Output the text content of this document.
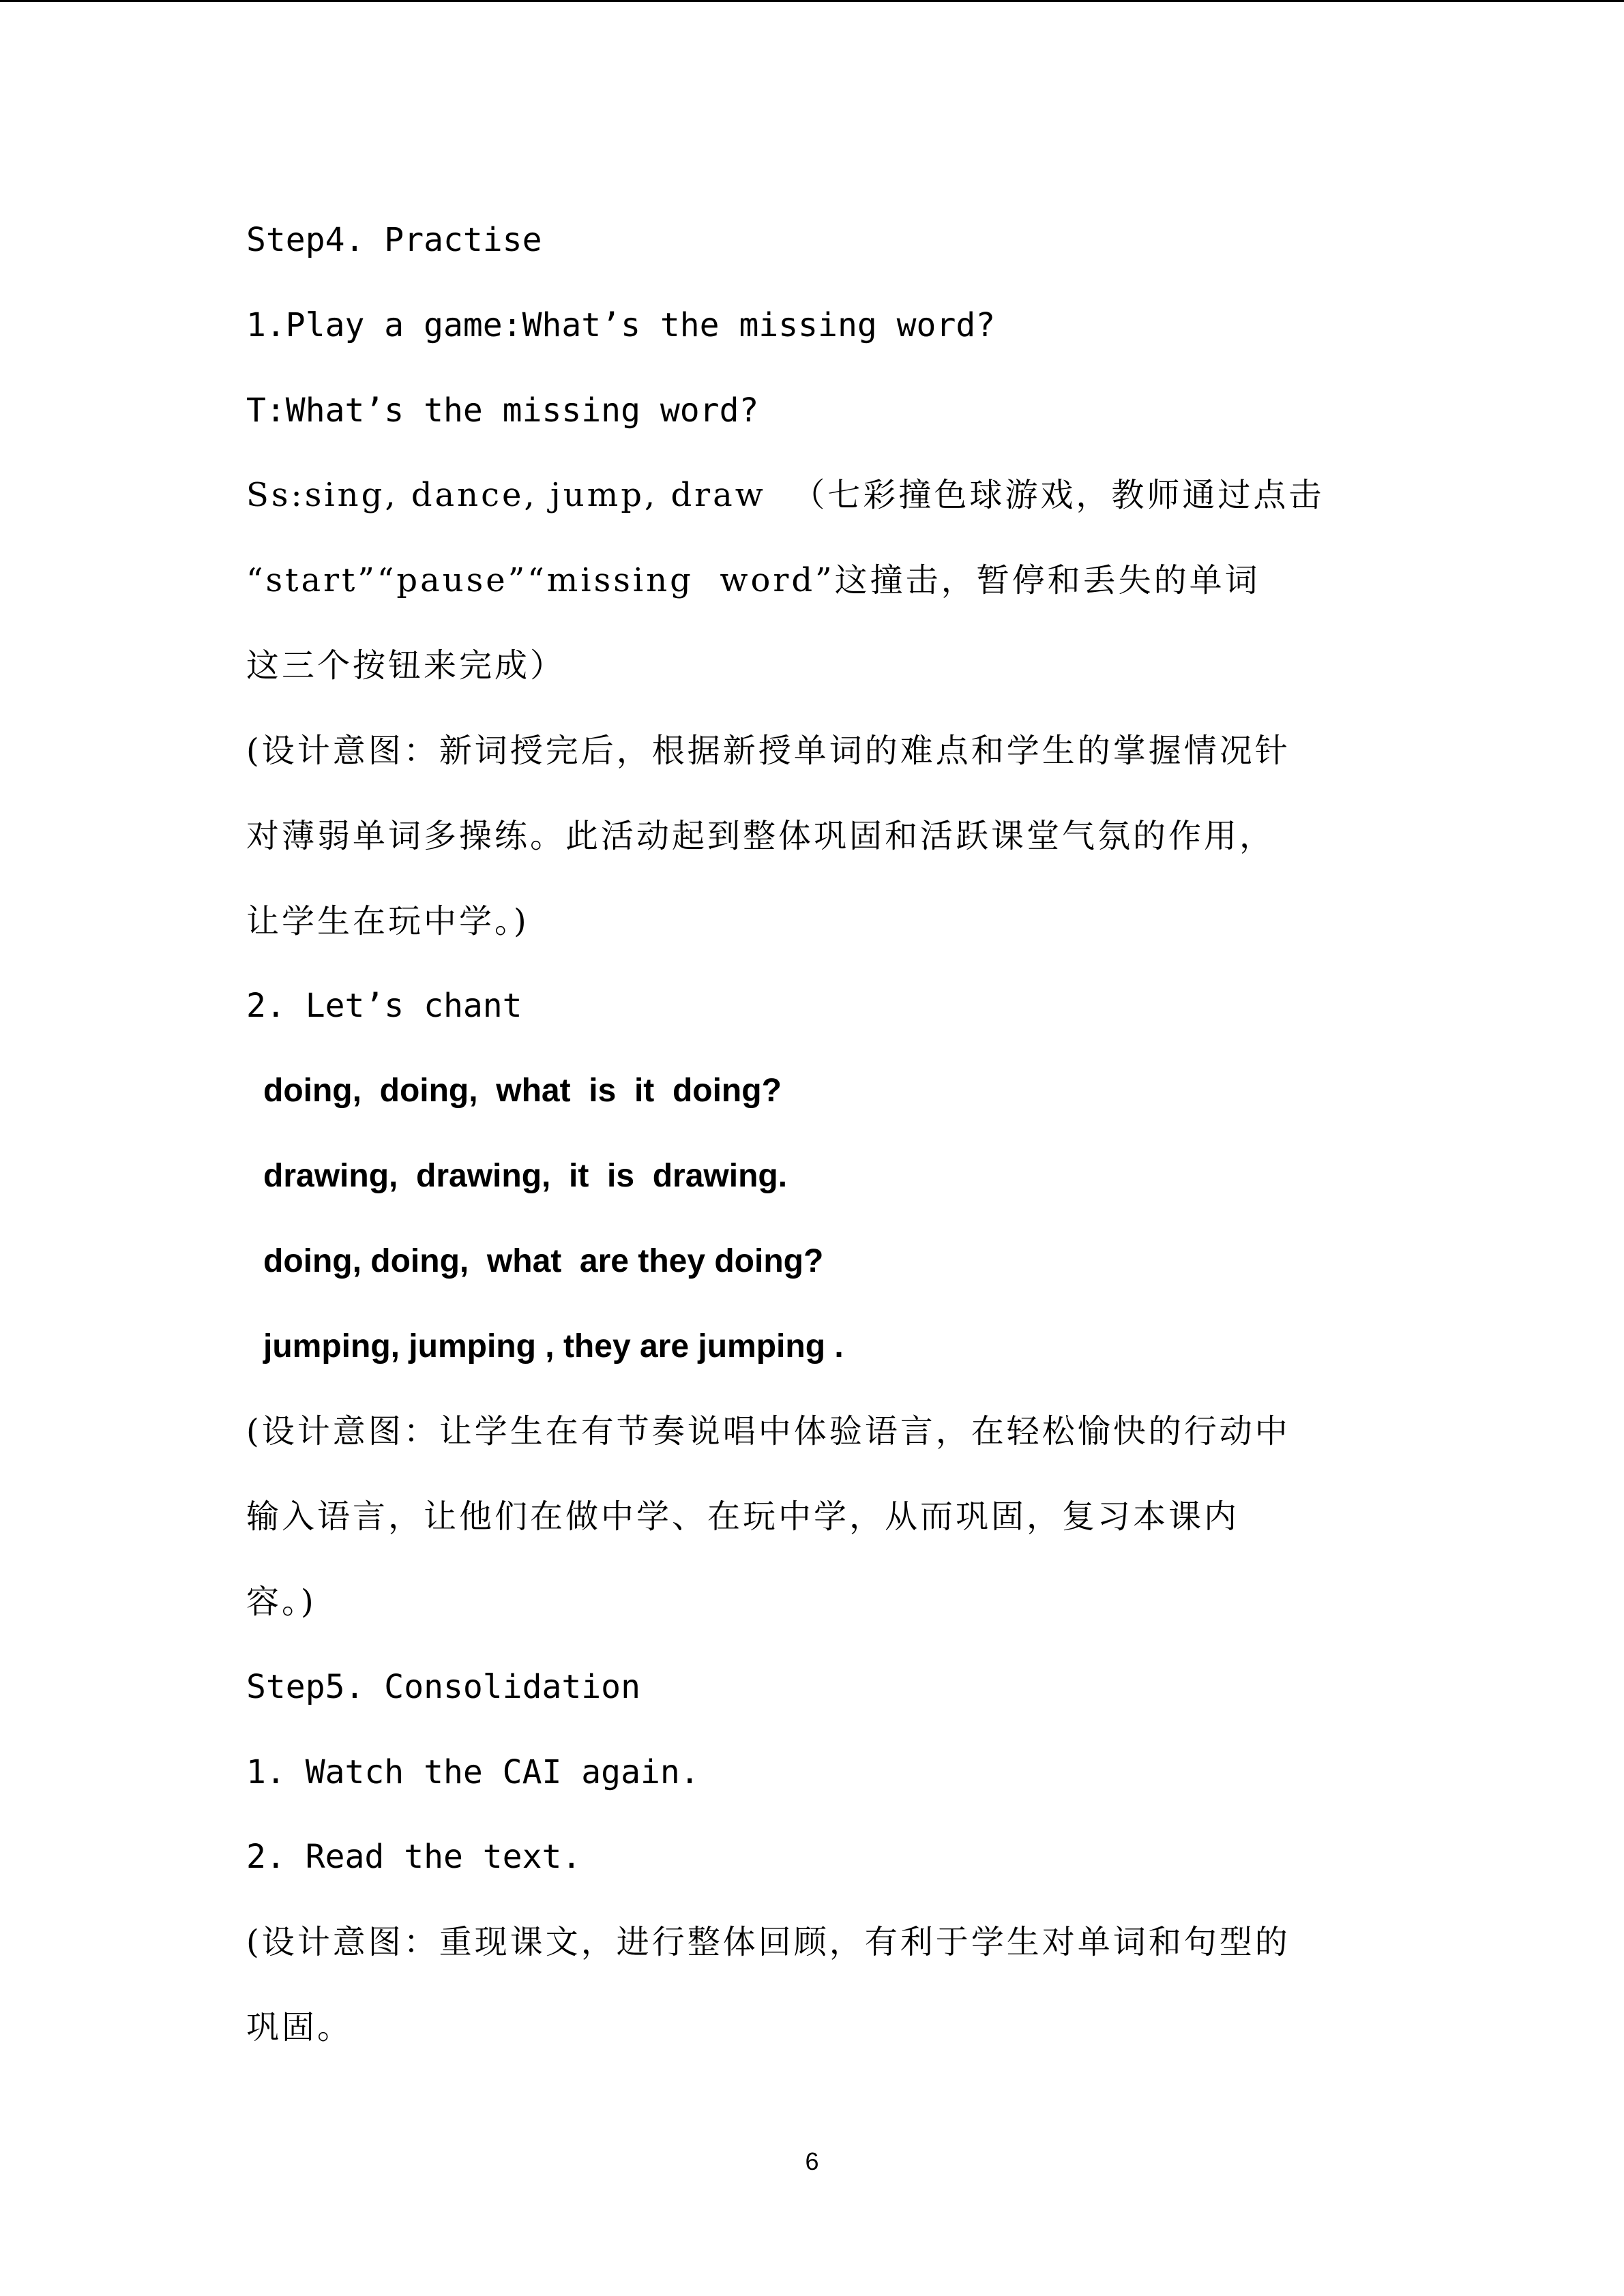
Step4. Practise
1.Play a game:What’s the missing word?
T:What’s the missing word?
Ss:sing, dance, jump, draw  （七彩撞色球游戏，教师通过点击
“start”“pause”“missing  word”这撞击，暂停和丢失的单词
这三个按钮来完成）
(设计意图：新词授完后，根据新授单词的难点和学生的掌握情况针
对薄弱单词多操练。此活动起到整体巩固和活跃课堂气氛的作用，
让学生在玩中学。)
2. Let’s chant
doing,  doing,  what  is  it  doing?
drawing,  drawing,  it  is  drawing.
doing, doing,  what  are they doing?
jumping, jumping , they are jumping .
(设计意图：让学生在有节奏说唱中体验语言，在轻松愉快的行动中
输入语言，让他们在做中学、在玩中学，从而巩固，复习本课内
容。)
Step5. Consolidation
1. Watch the CAI again.
2. Read the text.
(设计意图：重现课文，进行整体回顾，有利于学生对单词和句型的
巩固。
6
